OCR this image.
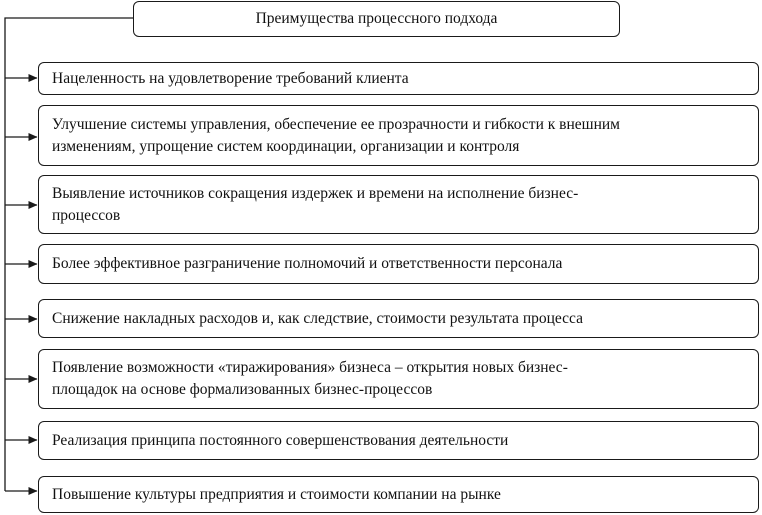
Преимущества процессного подхода
Нацеленность на удовлетворение требований клиента
Улучшение системы управления, обеспечение ее прозрачности и гибкости к внешним
изменениям, упрощение систем координации, организации и контроля
Выявление источников сокращения издержек и времени на исполнение бизнес-
процессов
Более эффективное разграничение полномочий и ответственности персонала
Снижение накладных расходов и, как следствие, стоимости результата процесса
Появление возможности «тиражирования» бизнеса – открытия новых бизнес-
площадок на основе формализованных бизнес-процессов
Реализация принципа постоянного совершенствования деятельности
Повышение культуры предприятия и стоимости компании на рынке
